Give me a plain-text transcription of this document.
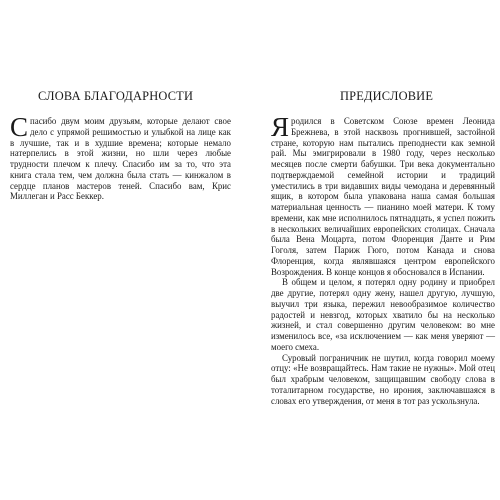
СЛОВА БЛАГОДАРНОСТИ

Спасибо двум моим друзьям, которые делают свое дело с упрямой решимостью и улыбкой на лице как в лучшие, так и в худшие времена; которые немало натерпелись в этой жизни, но шли через любые трудности плечом к плечу. Спасибо им за то, что эта книга стала тем, чем должна была стать — кинжалом в сердце планов мастеров теней. Спасибо вам, Крис Миллеган и Расс Беккер.

ПРЕДИСЛОВИЕ

Яродился в Советском Союзе времен Леонида Брежнева, в этой насквозь прогнившей, застойной стране, которую нам пытались преподнести как земной рай. Мы эмигрировали в 1980 году, через несколько месяцев после смерти бабушки. Три века документально подтверждаемой семейной истории и традиций уместились в три видавших виды чемодана и деревянный ящик, в котором была упакована наша самая большая материальная ценность — пианино моей матери. К тому времени, как мне исполнилось пятнадцать, я успел пожить в нескольких величайших европейских столицах. Сначала была Вена Моцарта, потом Флоренция Данте и Рим Гоголя, затем Париж Гюго, потом Канада и снова Флоренция, когда являвшаяся центром европейского Возрождения. В конце концов я обосновался в Испании.

В общем и целом, я потерял одну родину и приобрел две другие, потерял одну жену, нашел другую, лучшую, выучил три языка, пережил невообразимое количество радостей и невзгод, которых хватило бы на несколько жизней, и стал совершенно другим человеком: во мне изменилось все, «за исключением — как меня уверяют — моего смеха.

Суровый пограничник не шутил, когда говорил моему отцу: «Не возвращайтесь. Нам такие не нужны». Мой отец был храбрым человеком, защищавшим свободу слова в тоталитарном государстве, но ирония, заключавшаяся в словах его утверждения, от меня в тот раз ускользнула.
